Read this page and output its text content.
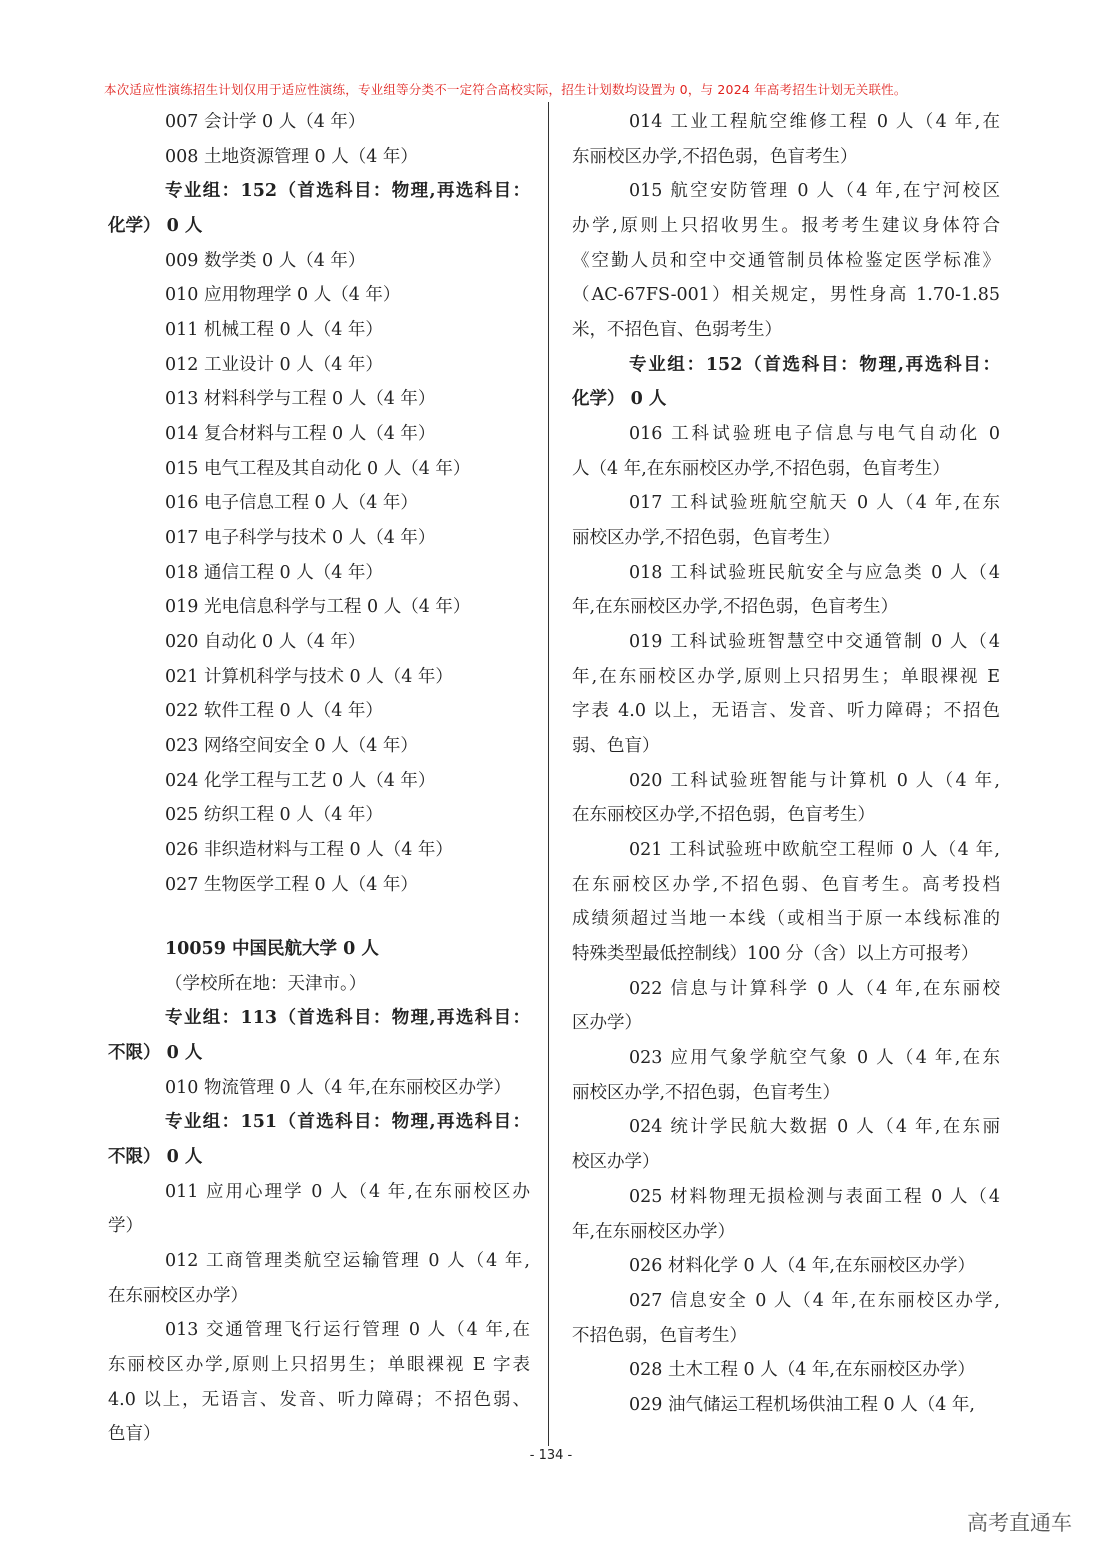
本次适应性演练招生计划仅用于适应性演练，专业组等分类不一定符合高校实际，招生计划数均设置为 0，与 2024 年高考招生计划无关联性。
007 会计学 0 人（4 年）
008 土地资源管理 0 人（4 年）
专业组：152（首选科目：物理,再选科目：
化学） 0 人
009 数学类 0 人（4 年）
010 应用物理学 0 人（4 年）
011 机械工程 0 人（4 年）
012 工业设计 0 人（4 年）
013 材料科学与工程 0 人（4 年）
014 复合材料与工程 0 人（4 年）
015 电气工程及其自动化 0 人（4 年）
016 电子信息工程 0 人（4 年）
017 电子科学与技术 0 人（4 年）
018 通信工程 0 人（4 年）
019 光电信息科学与工程 0 人（4 年）
020 自动化 0 人（4 年）
021 计算机科学与技术 0 人（4 年）
022 软件工程 0 人（4 年）
023 网络空间安全 0 人（4 年）
024 化学工程与工艺 0 人（4 年）
025 纺织工程 0 人（4 年）
026 非织造材料与工程 0 人（4 年）
027 生物医学工程 0 人（4 年）
10059 中国民航大学 0 人
（学校所在地：天津市。）
专业组：113（首选科目：物理,再选科目：
不限） 0 人
010 物流管理 0 人（4 年,在东丽校区办学）
专业组：151（首选科目：物理,再选科目：
不限） 0 人
011 应用心理学 0 人（4 年,在东丽校区办
学）
012 工商管理类航空运输管理 0 人（4 年,
在东丽校区办学）
013 交通管理飞行运行管理 0 人（4 年,在
东丽校区办学,原则上只招男生；单眼裸视 E 字表
4.0 以上，无语言、发音、听力障碍；不招色弱、
色盲）
014 工业工程航空维修工程 0 人（4 年,在
东丽校区办学,不招色弱，色盲考生）
015 航空安防管理 0 人（4 年,在宁河校区
办学,原则上只招收男生。报考考生建议身体符合
《空勤人员和空中交通管制员体检鉴定医学标准》
（AC-67FS-001）相关规定，男性身高 1.70-1.85
米，不招色盲、色弱考生）
专业组：152（首选科目：物理,再选科目：
化学） 0 人
016 工科试验班电子信息与电气自动化 0
人（4 年,在东丽校区办学,不招色弱，色盲考生）
017 工科试验班航空航天 0 人（4 年,在东
丽校区办学,不招色弱，色盲考生）
018 工科试验班民航安全与应急类 0 人（4
年,在东丽校区办学,不招色弱，色盲考生）
019 工科试验班智慧空中交通管制 0 人（4
年,在东丽校区办学,原则上只招男生；单眼裸视 E
字表 4.0 以上，无语言、发音、听力障碍；不招色
弱、色盲）
020 工科试验班智能与计算机 0 人（4 年,
在东丽校区办学,不招色弱，色盲考生）
021 工科试验班中欧航空工程师 0 人（4 年,
在东丽校区办学,不招色弱、色盲考生。高考投档
成绩须超过当地一本线（或相当于原一本线标准的
特殊类型最低控制线）100 分（含）以上方可报考）
022 信息与计算科学 0 人（4 年,在东丽校
区办学）
023 应用气象学航空气象 0 人（4 年,在东
丽校区办学,不招色弱，色盲考生）
024 统计学民航大数据 0 人（4 年,在东丽
校区办学）
025 材料物理无损检测与表面工程 0 人（4
年,在东丽校区办学）
026 材料化学 0 人（4 年,在东丽校区办学）
027 信息安全 0 人（4 年,在东丽校区办学,
不招色弱，色盲考生）
028 土木工程 0 人（4 年,在东丽校区办学）
029 油气储运工程机场供油工程 0 人（4 年,
- 134 -
高考直通车
